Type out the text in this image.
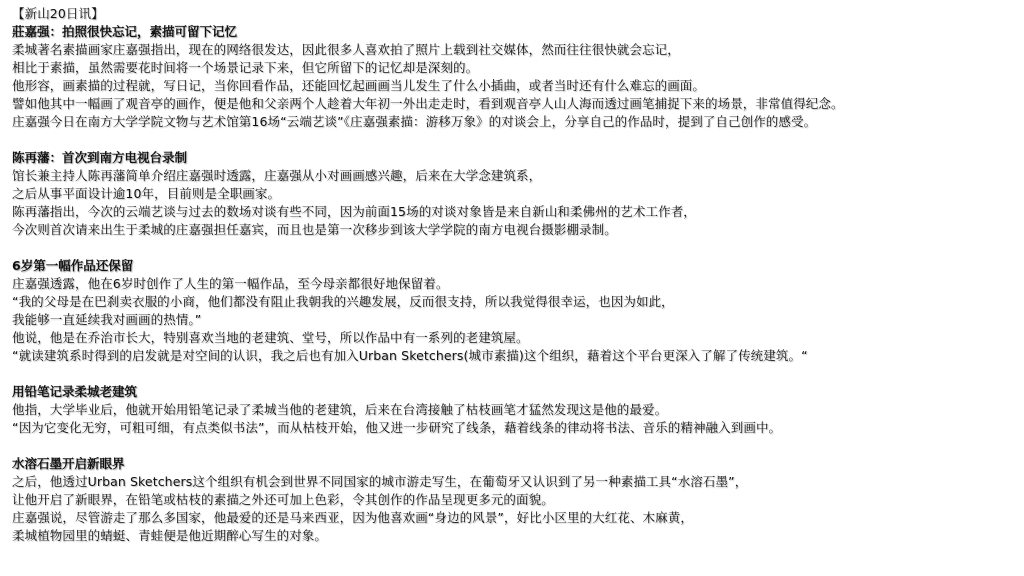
【新山20日讯】
莊嘉强：拍照很快忘记，素描可留下记忆
柔城著名素描画家庄嘉强指出，现在的网络很发达，因此很多人喜欢拍了照片上载到社交媒体，然而往往很快就会忘记，
相比于素描，虽然需要花时间将一个场景记录下来，但它所留下的记忆却是深刻的。
他形容，画素描的过程就，写日记，当你回看作品，还能回忆起画画当儿发生了什么小插曲，或者当时还有什么难忘的画面。
譬如他其中一幅画了观音亭的画作，便是他和父亲两个人趁着大年初一外出走走时，看到观音亭人山人海而透过画笔捕捉下来的场景，非常值得纪念。
庄嘉强今日在南方大学学院文物与艺术馆第16场“云端艺谈”《庄嘉强素描：游移万象》的对谈会上，分享自己的作品时，提到了自己创作的感受。
陈再藩：首次到南方电视台录制
馆长兼主持人陈再藩简单介绍庄嘉强时透露，庄嘉强从小对画画感兴趣，后来在大学念建筑系，
之后从事平面设计逾10年，目前则是全职画家。
陈再藩指出，今次的云端艺谈与过去的数场对谈有些不同，因为前面15场的对谈对象皆是来自新山和柔佛州的艺术工作者，
今次则首次请来出生于柔城的庄嘉强担任嘉宾，而且也是第一次移步到该大学学院的南方电视台摄影棚录制。
6岁第一幅作品还保留
庄嘉强透露，他在6岁时创作了人生的第一幅作品，至今母亲都很好地保留着。
“我的父母是在巴刹卖衣服的小商，他们都没有阻止我朝我的兴趣发展，反而很支持，所以我觉得很幸运，也因为如此，
我能够一直延续我对画画的热情。”
他说，他是在乔治市长大，特别喜欢当地的老建筑、堂号，所以作品中有一系列的老建筑屋。
“就读建筑系时得到的启发就是对空间的认识，我之后也有加入Urban Sketchers(城市素描)这个组织，藉着这个平台更深入了解了传统建筑。“
用铅笔记录柔城老建筑
他指，大学毕业后，他就开始用铅笔记录了柔城当他的老建筑，后来在台湾接触了枯枝画笔才猛然发现这是他的最爱。
“因为它变化无穷，可粗可细，有点类似书法”，而从枯枝开始，他又进一步研究了线条，藉着线条的律动将书法、音乐的精神融入到画中。
水溶石墨开启新眼界
之后，他透过Urban Sketchers这个组织有机会到世界不同国家的城市游走写生，在葡萄牙又认识到了另一种素描工具“水溶石墨”，
让他开启了新眼界，在铅笔或枯枝的素描之外还可加上色彩，令其创作的作品呈现更多元的面貌。
庄嘉强说，尽管游走了那么多国家，他最爱的还是马来西亚，因为他喜欢画“身边的风景”，好比小区里的大红花、木麻黄，
柔城植物园里的蜻蜓、青蛙便是他近期醉心写生的对象。
